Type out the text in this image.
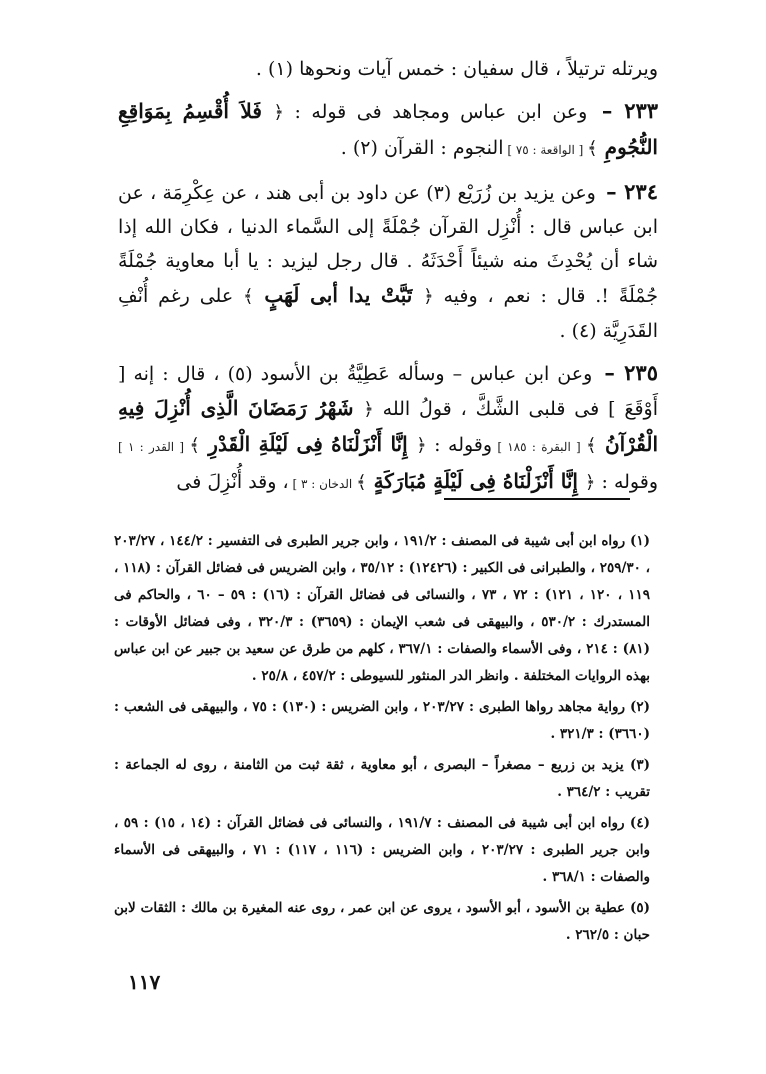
ويرتله ترتيلاً ، قال سفيان : خمس آيات ونحوها (١) .

٢٣٣ – وعن ابن عباس ومجاهد فى قوله : ﴿ فَلاَ أُقْسِمُ بِمَوَاقِعِ النُّجُومِ ﴾ [ الواقعة : ٧٥ ] النجوم : القرآن (٢) .

٢٣٤ – وعن يزيد بن زُرَيْع (٣) عن داود بن أبى هند ، عن عِكْرِمَة ، عن ابن عباس قال : أُنْزِل القرآن جُمْلَةً إلى السَّماء الدنيا ، فكان الله إذا شاء أن يُحْدِثَ منه شيئاً أَحْدَثَهُ . قال رجل ليزيد : يا أبا معاوية جُمْلَةً جُمْلَةً !. قال : نعم ، وفيه ﴿ تَبَّتْ يدا أبى لَهَبٍ ﴾ على رغم أُنْفِ القَدَرِيَّة (٤) .

٢٣٥ – وعن ابن عباس – وسأله عَطِيَّةُ بن الأسود (٥) ، قال : إنه [ أَوْقَعَ ] فى قلبى الشَّكَّ ، قولُ الله ﴿ شَهْرُ رَمَضَانَ الَّذِى أُنْزِلَ فِيهِ الْقُرْآنُ ﴾ [ البقرة : ١٨٥ ] وقوله : ﴿ إِنَّا أَنْزَلْنَاهُ فِى لَيْلَةِ الْقَدْرِ ﴾ [ القدر : ١ ] وقوله : ﴿ إِنَّا أَنْزَلْنَاهُ فِى لَيْلَةٍ مُبَارَكَةٍ ﴾ الدخان : ٣ ] ، وقد أُنْزِلَ فى

(١) رواه ابن أبى شيبة فى المصنف : ١٩١/٢ ، وابن جرير الطبرى فى التفسير : ١٤٤/٢ ، ٢٠٣/٢٧ ، ٢٥٩/٣٠ ، والطبرانى فى الكبير : (١٢٤٢٦) : ٣٥/١٢ ، وابن الضريس فى فضائل القرآن : (١١٨ ، ١١٩ ، ١٢٠ ، ١٢١) : ٧٢ ، ٧٣ ، والنسائى فى فضائل القرآن : (١٦) : ٥٩ – ٦٠ ، والحاكم فى المستدرك : ٥٣٠/٢ ، والبيهقى فى شعب الإيمان : (٣٦٥٩) : ٣٢٠/٣ ، وفى فضائل الأوقات : (٨١) : ٢١٤ ، وفى الأسماء والصفات : ٣٦٧/١ ، كلهم من طرق عن سعيد بن جبير عن ابن عباس بهذه الروايات المختلفة . وانظر الدر المنثور للسيوطى : ٤٥٧/٢ ، ٢٥/٨ .

(٢) رواية مجاهد رواها الطبرى : ٢٠٣/٢٧ ، وابن الضريس : (١٣٠) : ٧٥ ، والبيهقى فى الشعب : (٣٦٦٠) : ٣٢١/٣ .

(٣) يزيد بن زريع – مصغراً – البصرى ، أبو معاوية ، ثقة ثبت من الثامنة ، روى له الجماعة : تقريب : ٣٦٤/٢ .

(٤) رواه ابن أبى شيبة فى المصنف : ١٩١/٧ ، والنسائى فى فضائل القرآن : (١٤ ، ١٥) : ٥٩ ، وابن جرير الطبرى : ٢٠٣/٢٧ ، وابن الضريس : (١١٦ ، ١١٧) : ٧١ ، والبيهقى فى الأسماء والصفات : ٣٦٨/١ .

(٥) عطية بن الأسود ، أبو الأسود ، يروى عن ابن عمر ، روى عنه المغيرة بن مالك : الثقات لابن حبان : ٢٦٢/٥ .

١١٧
